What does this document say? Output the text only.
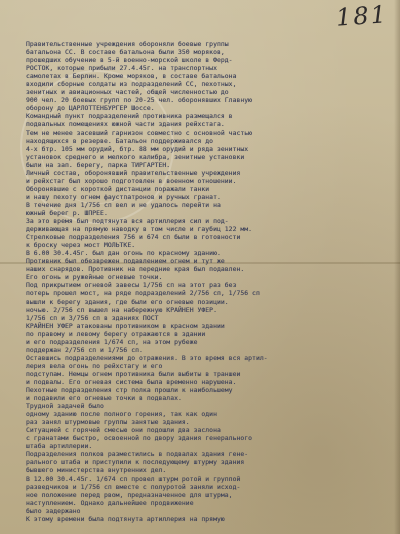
181
Правительственные учреждения обороняли боевые группы
батальона СС. В составе батальона были 350 моряков,
прошедших обучение в 5-й военно-морской школе в Ферд-
РОСТОК, которые прибыли 27.4.45г. на транспортных
самолетах в Берлин. Кроме моряков, в составе батальона
входили сборные солдаты из подразделений СС, пехотных,
зенитных и авиационных частей, общей численностью до
900 чел. 20 боевых групп по 20-25 чел. оборонявших Главную
оборону до ЦАРЛОТТЕНБУРГЕР Шоссе.
Командный пункт подразделений противника размещался в
подвальных помещениях южной части здания рейхстага.
Тем не менее засевший гарнизон совместно с основной частью
находящихся в резерве. Батальон поддерживался до
4-х бтр. 105 мм орудий, бтр. 88 мм орудий и ряда зенитных
установок среднего и мелкого калибра, зенитные установки
были на зап. берегу, парка ТИРГАРТЕН.
Личный состав, оборонявший правительственные учреждения
и рейхстаг был хорошо подготовлен в военном отношении.
Оборонявшие с короткой дистанции поражали танки
и нашу пехоту огнем фаустпатронов и ручных гранат.
В течение дня 1/756 сп вел и не удалось перейти на
южный берег р. ШПРЕЕ.
За это время был подтянута вся артиллерия сил и под-
держивающая на прямую наводку в том числе и гаубиц 122 мм.
Стрелковые подразделения 756 и 674 сп были в готовности
к броску через мост МОЛЬТКЕ.
В 6.00 30.4.45г. был дан огонь по красному зданию.
Противник был обезврежен подавлением огнем и тут же
наших снарядов. Противник на передние края был подавлен.
Его огонь и ружейные огневые точки.
Под прикрытием огневой завесы 1/756 сп на этот раз без
потерь прошел мост, на ряде подразделений 2/756 сп, 1/756 сп
вышли к берегу здания, где были его огневые позиции.
ночью. 2/756 сп вышел на набережную КРАЙНЕН УФЕР.
1/756 сп и 3/756 сп в зданиях ПОСТ
КРАЙНЕН УФЕР атакованы противником в красном здании
по правому и левому берегу отражаются в здании
и его подразделения 1/674 сп, на этом рубеже
поддержан 2/756 сп и 1/756 сп.
Оставшись подразделениями до отражения. В это время вся артил-
лерия вела огонь по рейхстагу и его
подступам. Немцы огнем противника были выбиты в траншеи
и подвалы. Его огневая система была временно нарушена.
Пехотные подразделения стр полка прошли к наибольшему
и подавили его огневые точки в подвалах.
Трудной задачей было
одному зданию после полного горения, так как один
раз занял штурмовые группы занятые здания.
Ситуацией с горячей смесью они подошли два заслона
с гранатами быстро, освоенной по двору здания генерального
штаба артиллерии.
Подразделения полков разместились в подвалах здания гене-
рального штаба и приступили к последующему штурму здания
бывшего министерства внутренних дел.
В 12.00 30.4.45г. 1/674 сп провел штурм ротой и группой
разведчиков и 1/756 сп вместе с полуротой заняли исход-
ное положение перед рвом, предназначенное для штурма,
наступлением. Однако дальнейшее продвижение
было задержано
К этому времени была подтянута артиллерия на прямую
